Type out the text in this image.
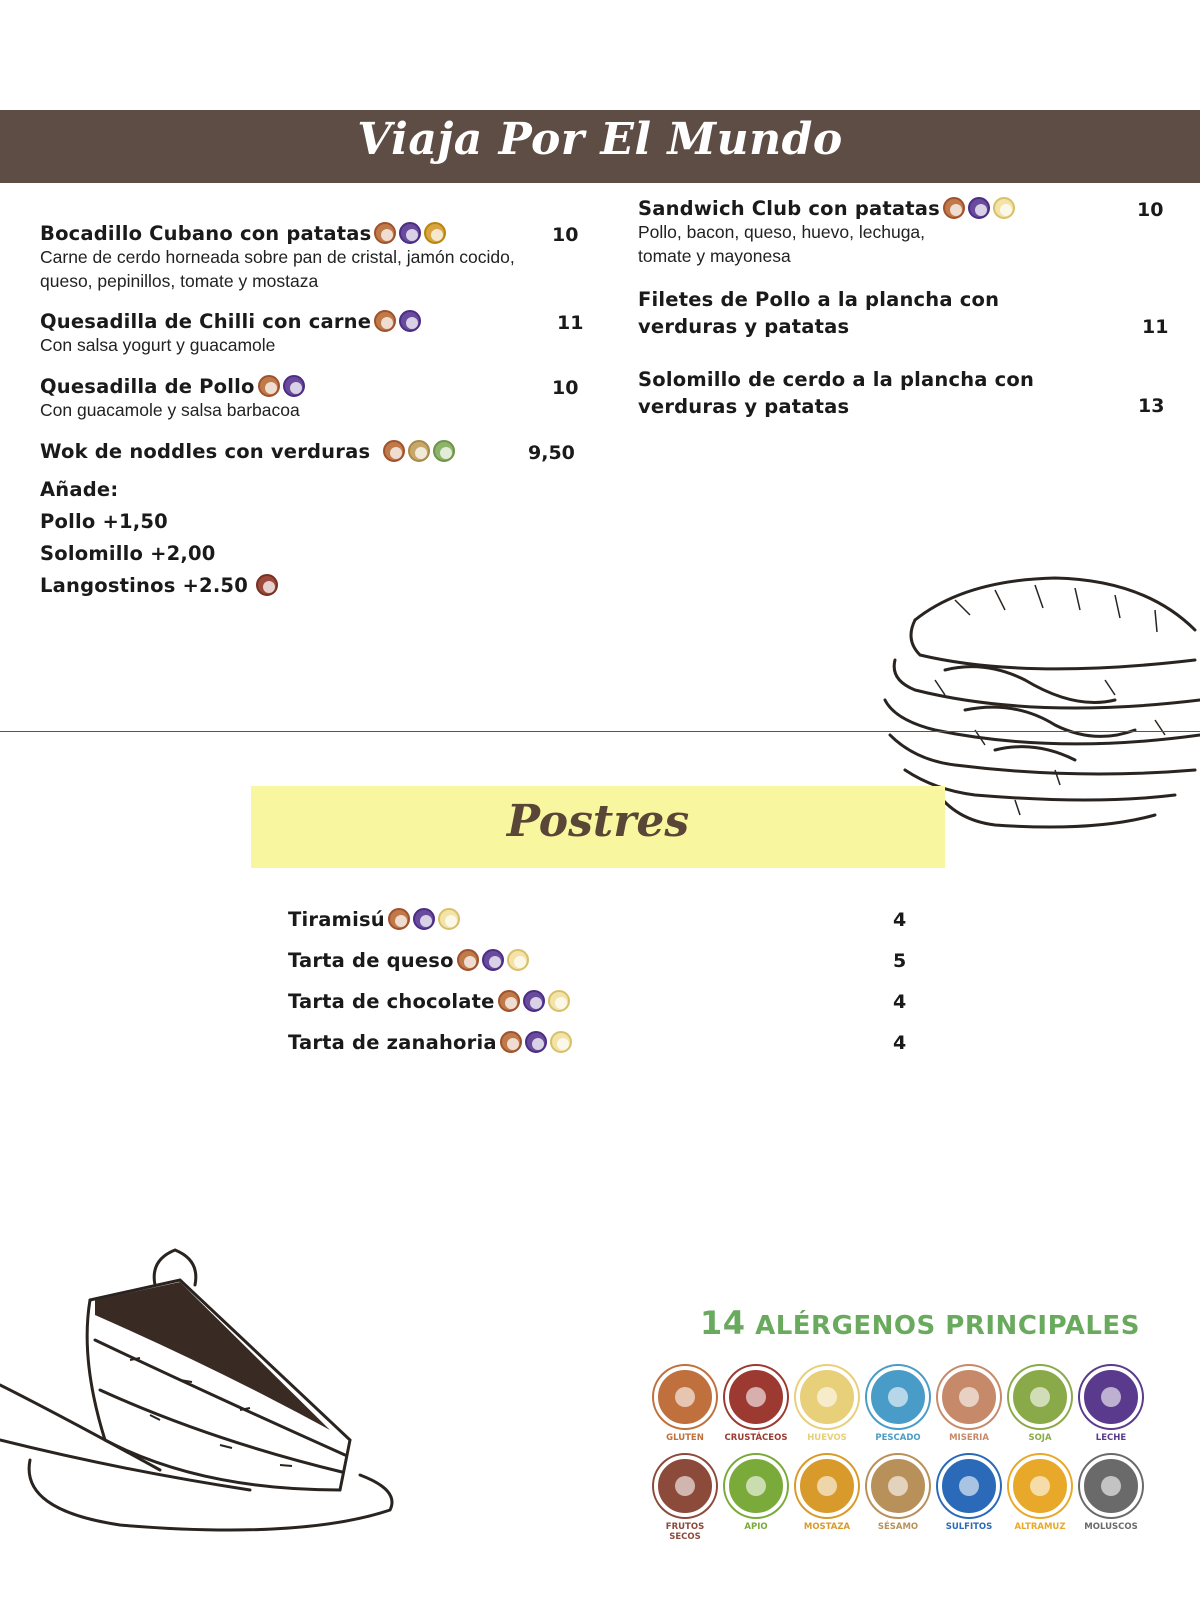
Viaja Por El Mundo
Bocadillo Cubano con patatas
Carne de cerdo horneada sobre pan de cristal, jamón cocido,
queso, pepinillos, tomate y mostaza
10
Quesadilla de Chilli con carne
Con salsa yogurt y guacamole
11
Quesadilla de Pollo
Con guacamole y salsa barbacoa
10
Wok de noddles con verduras	9,50
Añade:
Pollo +1,50
Solomillo +2,00
Langostinos +2.50
Sandwich Club con patatas
Pollo, bacon, queso, huevo, lechuga,
tomate y mayonesa
10
Filetes de Pollo a la plancha con
verduras y patatas	11
Solomillo de cerdo a la plancha con
verduras y patatas	13
Postres
Tiramisú	4
Tarta de queso	5
Tarta de chocolate	4
Tarta de zanahoria	4
14 ALÉRGENOS PRINCIPALES
GLUTEN	CRUSTÁCEOS	HUEVOS	PESCADO	MISERIA	SOJA	LECHE
FRUTOS SECOS
APIO	MOSTAZA	SÉSAMO	SULFITOS	ALTRAMUZ	MOLUSCOS
